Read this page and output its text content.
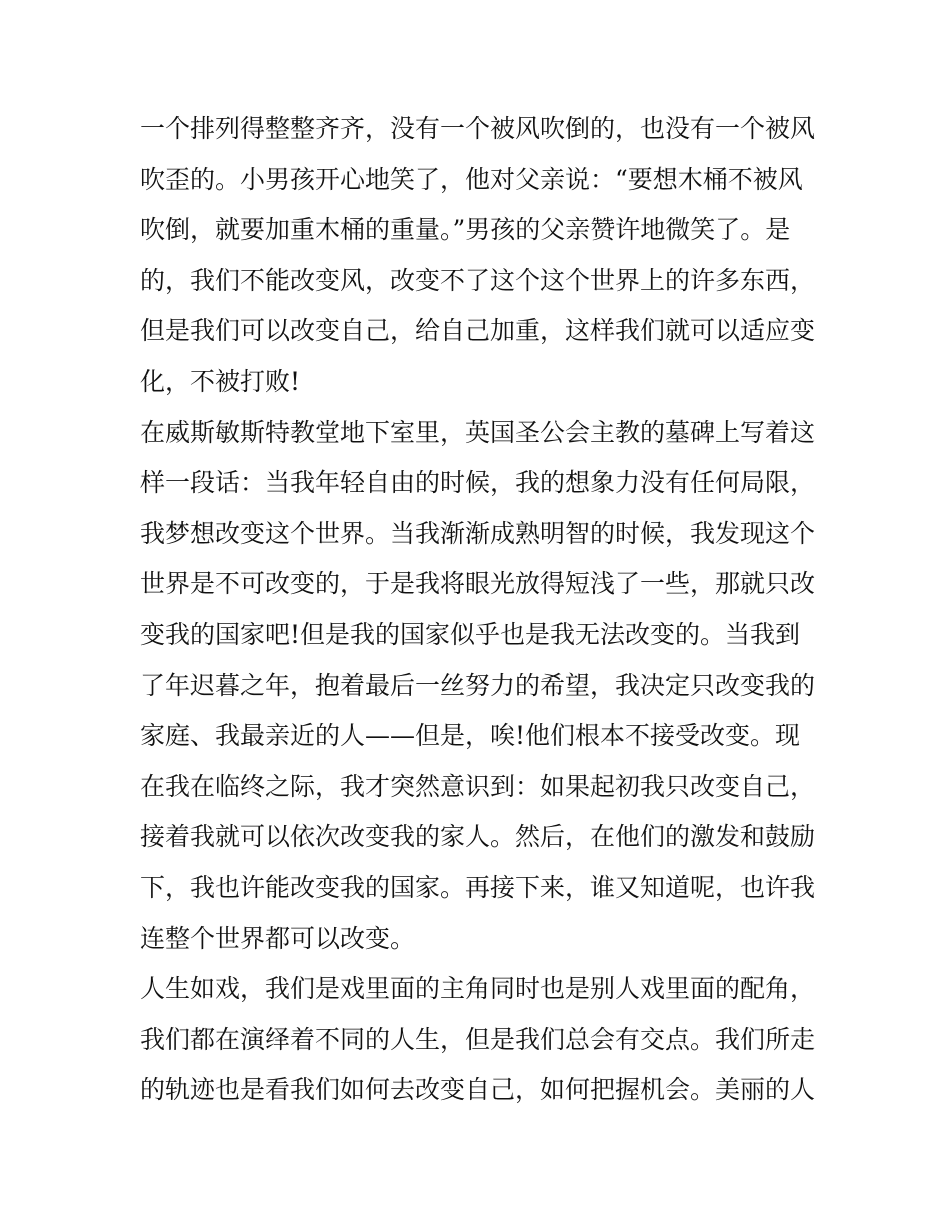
一个排列得整整齐齐，没有一个被风吹倒的，也没有一个被风
吹歪的。小男孩开心地笑了，他对父亲说：“要想木桶不被风
吹倒，就要加重木桶的重量。”男孩的父亲赞许地微笑了。是
的，我们不能改变风，改变不了这个这个世界上的许多东西，
但是我们可以改变自己，给自己加重，这样我们就可以适应变
化，不被打败!
在威斯敏斯特教堂地下室里，英国圣公会主教的墓碑上写着这
样一段话：当我年轻自由的时候，我的想象力没有任何局限，
我梦想改变这个世界。当我渐渐成熟明智的时候，我发现这个
世界是不可改变的，于是我将眼光放得短浅了一些，那就只改
变我的国家吧!但是我的国家似乎也是我无法改变的。当我到
了年迟暮之年，抱着最后一丝努力的希望，我决定只改变我的
家庭、我最亲近的人——但是，唉!他们根本不接受改变。现
在我在临终之际，我才突然意识到：如果起初我只改变自己，
接着我就可以依次改变我的家人。然后，在他们的激发和鼓励
下，我也许能改变我的国家。再接下来，谁又知道呢，也许我
连整个世界都可以改变。
人生如戏，我们是戏里面的主角同时也是别人戏里面的配角，
我们都在演绎着不同的人生，但是我们总会有交点。我们所走
的轨迹也是看我们如何去改变自己，如何把握机会。美丽的人
